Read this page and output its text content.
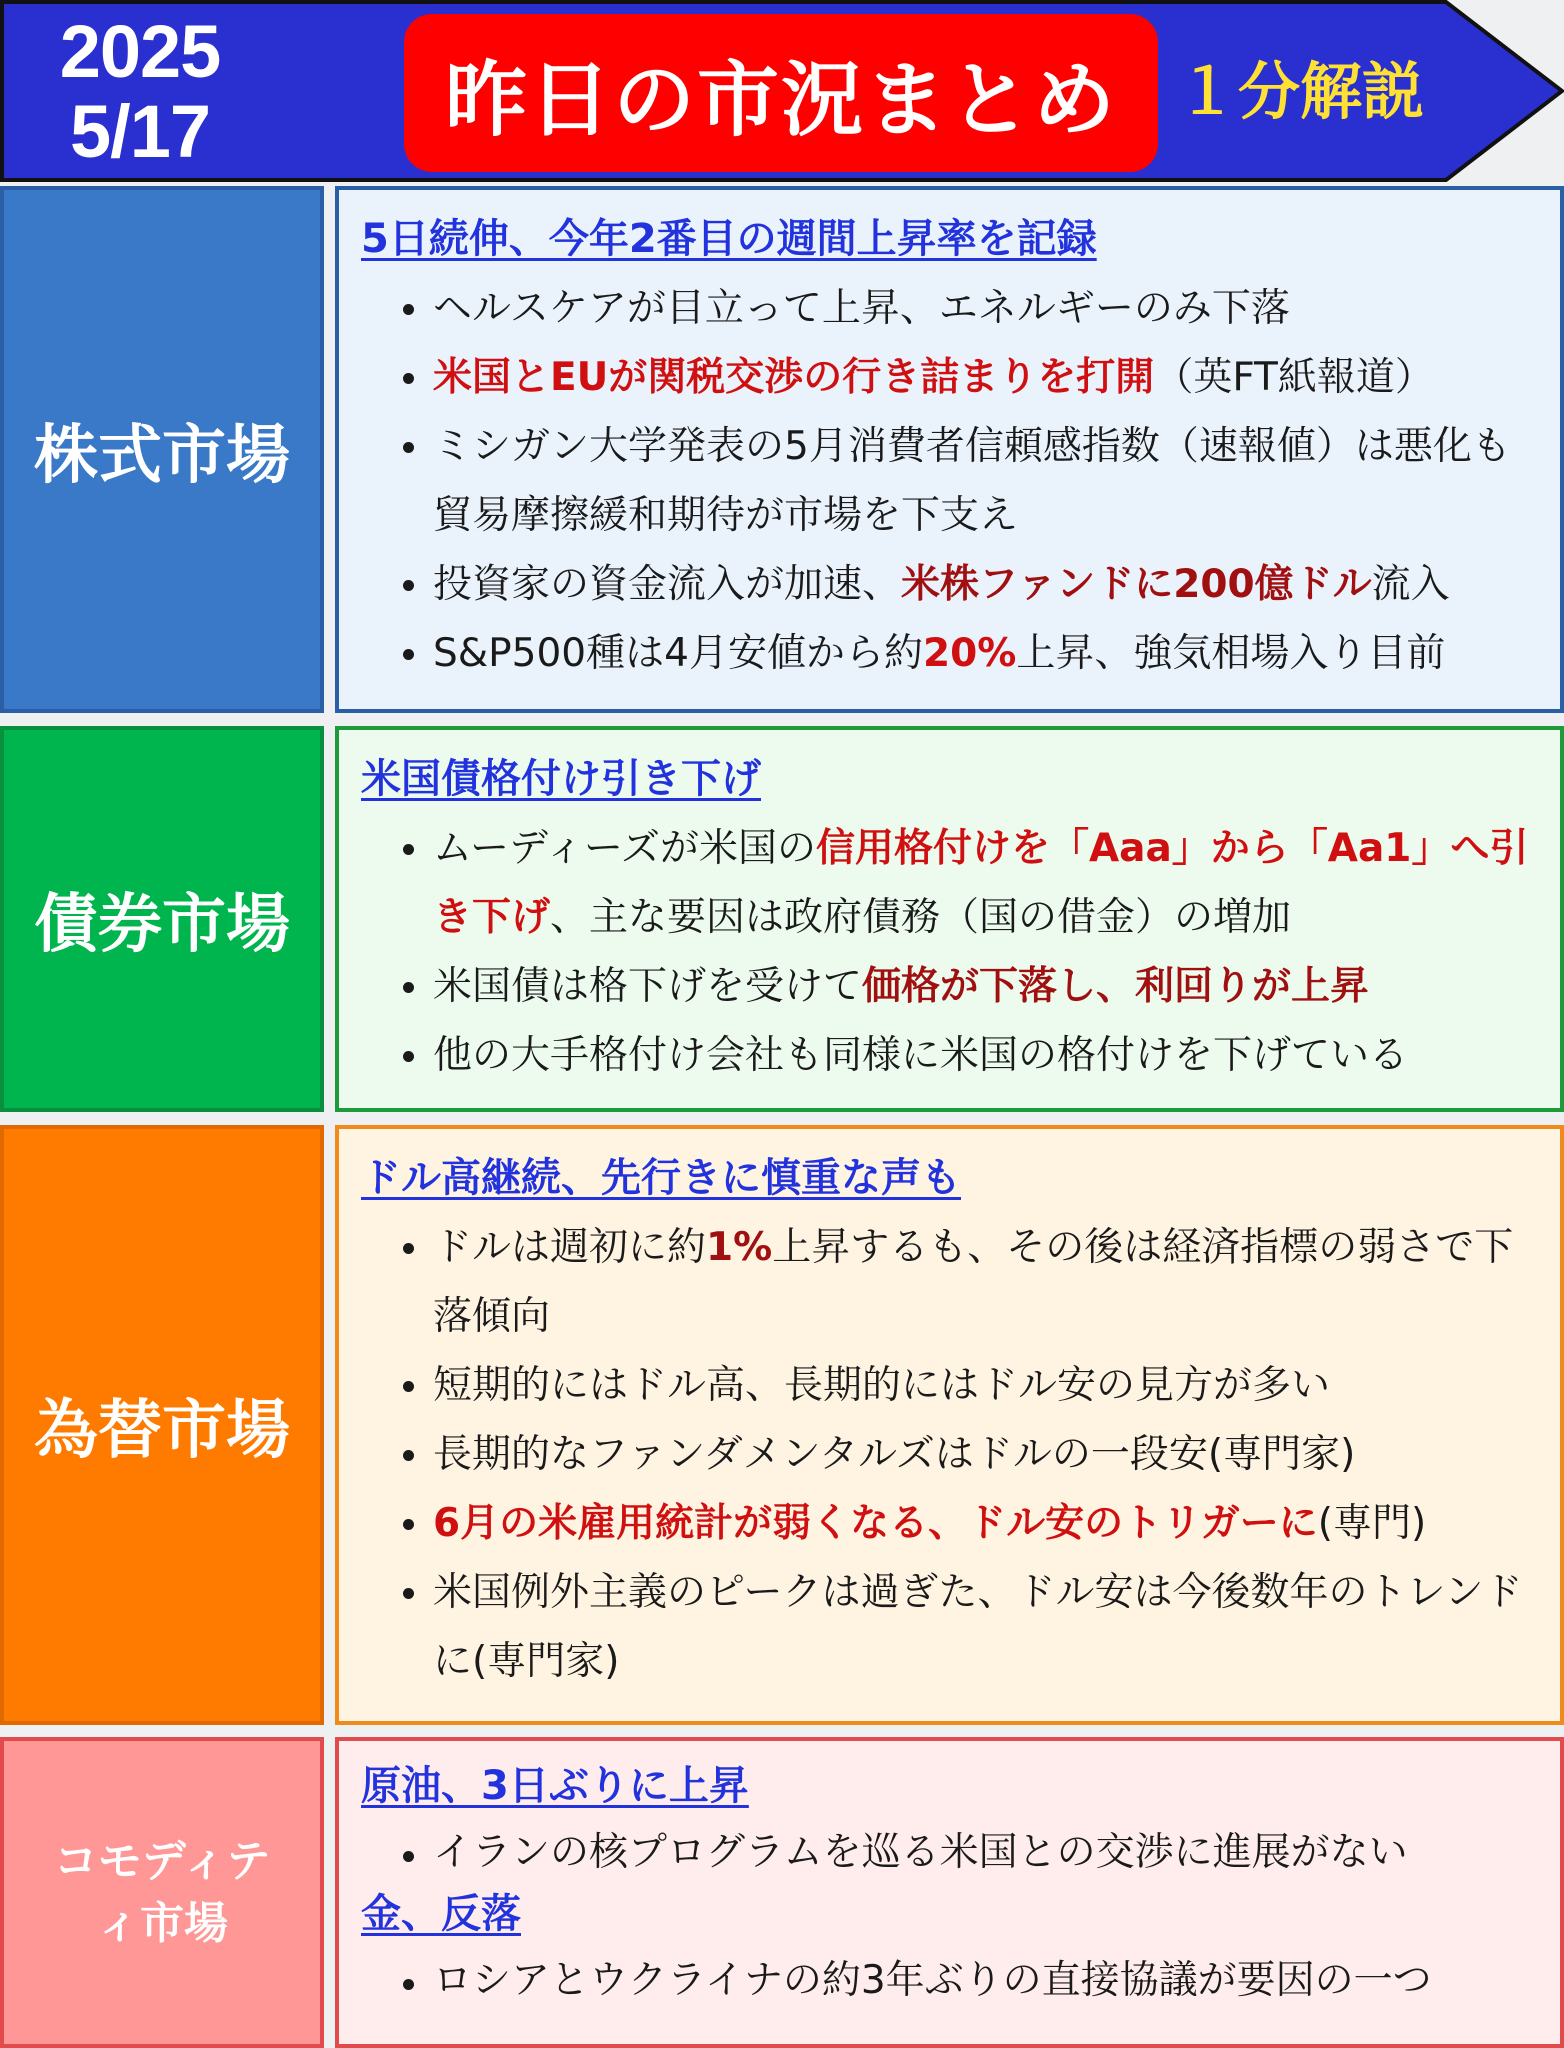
2025
5/17	昨日の市況まとめ １分解説
株式市場
5日続伸、今年2番目の週間上昇率を記録
ヘルスケアが目立って上昇、エネルギーのみ下落
米国とEUが関税交渉の行き詰まりを打開（英FT紙報道）
ミシガン大学発表の5月消費者信頼感指数（速報値）は悪化も貿易摩擦緩和期待が市場を下支え
投資家の資金流入が加速、米株ファンドに200億ドル流入
S&P500種は4月安値から約20%上昇、強気相場入り目前
債券市場
米国債格付け引き下げ
ムーディーズが米国の信用格付けを「Aaa」から「Aa1」へ引き下げ、主な要因は政府債務（国の借金）の増加
米国債は格下げを受けて価格が下落し、利回りが上昇
他の大手格付け会社も同様に米国の格付けを下げている
為替市場
ドル高継続、先行きに慎重な声も
ドルは週初に約1%上昇するも、その後は経済指標の弱さで下落傾向
短期的にはドル高、長期的にはドル安の見方が多い
長期的なファンダメンタルズはドルの一段安(専門家)
6月の米雇用統計が弱くなる、ドル安のトリガーに(専門)
米国例外主義のピークは過ぎた、ドル安は今後数年のトレンドに(専門家)
コモディテ
ィ市場
原油、3日ぶりに上昇
イランの核プログラムを巡る米国との交渉に進展がない
金、反落
ロシアとウクライナの約3年ぶりの直接協議が要因の一つ
